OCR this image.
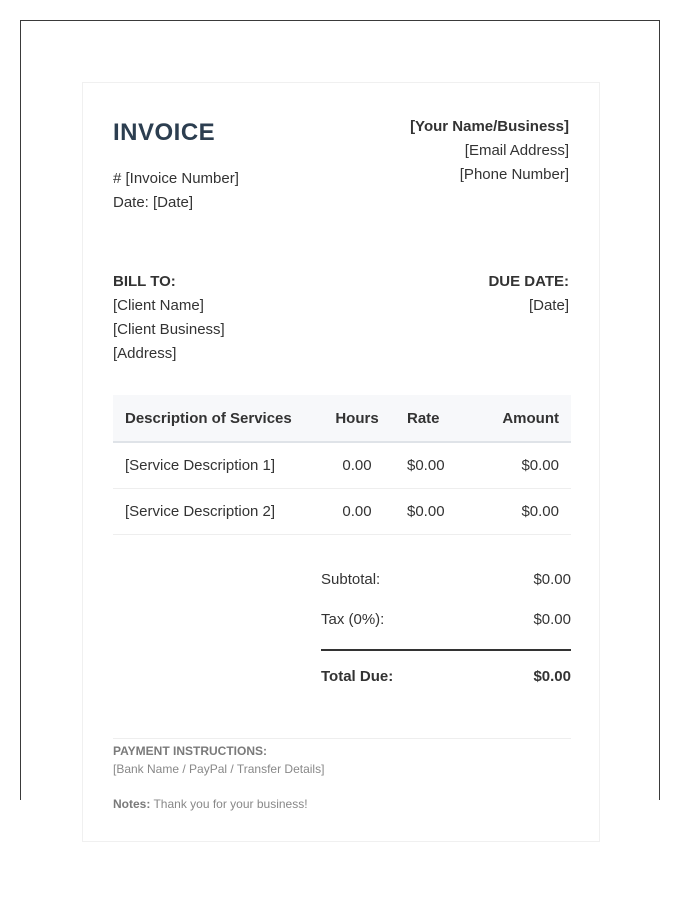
INVOICE
# [Invoice Number]
Date: [Date]
[Your Name/Business]
[Email Address]
[Phone Number]
BILL TO:
[Client Name]
[Client Business]
[Address]
DUE DATE:
[Date]
Description of Services	Hours	Rate	Amount
[Service Description 1]	0.00	$0.00	$0.00
[Service Description 2]	0.00	$0.00	$0.00
Subtotal:	$0.00
Tax (0%):	$0.00
Total Due:	$0.00
PAYMENT INSTRUCTIONS:
[Bank Name / PayPal / Transfer Details]
Notes: Thank you for your business!
